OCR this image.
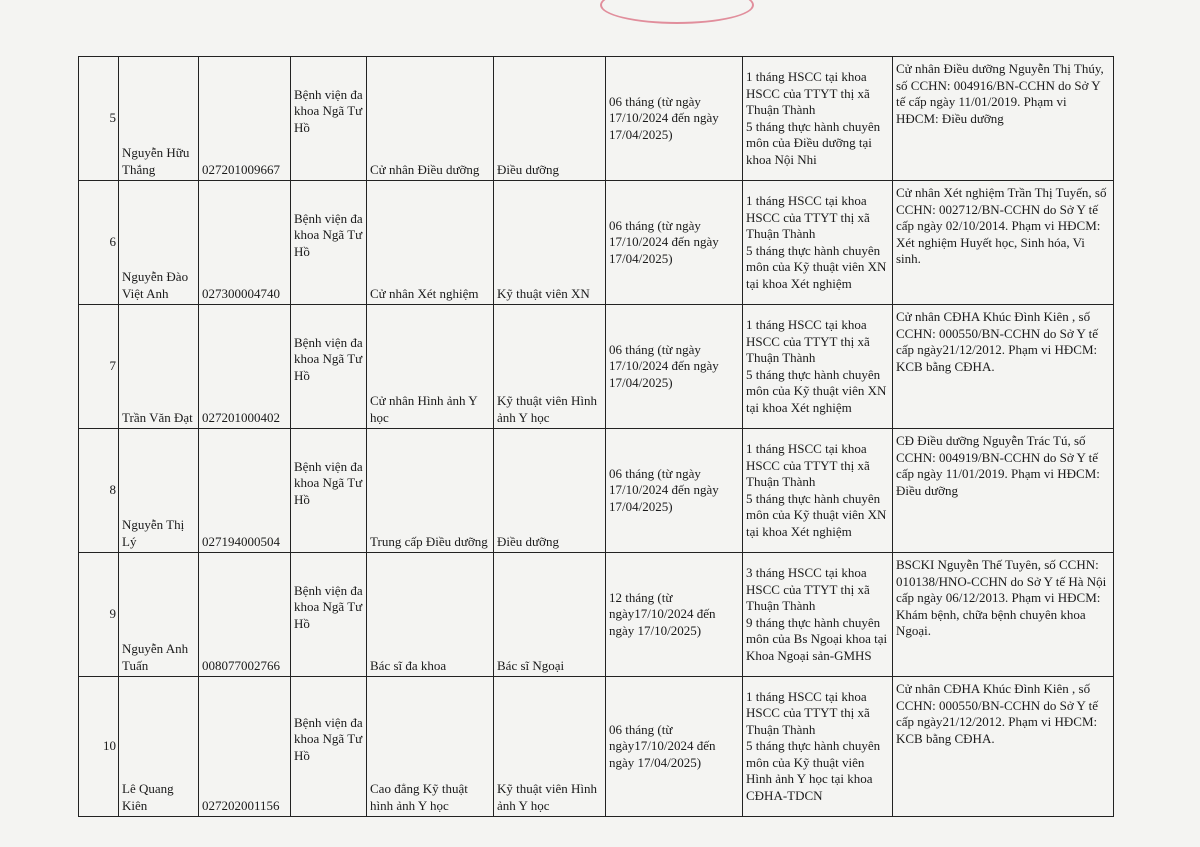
5	Nguyễn Hữu Thắng	027201009667	Bệnh viện đa khoa Ngã Tư Hồ	Cử nhân Điều dưỡng	Điều dưỡng	06 tháng (từ ngày 17/10/2024 đến ngày 17/04/2025)	1 tháng HSCC tại khoa HSCC của TTYT thị xã Thuận Thành
5 tháng thực hành chuyên môn của Điều dưỡng tại khoa Nội Nhi	Cử nhân Điều dưỡng Nguyễn Thị Thúy, số CCHN: 004916/BN-CCHN do Sở Y tế cấp ngày 11/01/2019. Phạm vi HĐCM: Điều dưỡng
6	Nguyễn Đào Việt Anh	027300004740	Bệnh viện đa khoa Ngã Tư Hồ	Cử nhân Xét nghiệm	Kỹ thuật viên XN	06 tháng (từ ngày 17/10/2024 đến ngày 17/04/2025)	1 tháng HSCC tại khoa HSCC của TTYT thị xã Thuận Thành
5 tháng thực hành chuyên môn của Kỹ thuật viên XN tại khoa Xét nghiệm	Cử nhân Xét nghiệm Trần Thị Tuyến, số CCHN: 002712/BN-CCHN do Sở Y tế cấp ngày 02/10/2014. Phạm vi HĐCM: Xét nghiệm Huyết học, Sinh hóa, Vi sinh.
7	Trần Văn Đạt	027201000402	Bệnh viện đa khoa Ngã Tư Hồ	Cử nhân Hình ảnh Y học	Kỹ thuật viên Hình ảnh Y học	06 tháng (từ ngày 17/10/2024 đến ngày 17/04/2025)	1 tháng HSCC tại khoa HSCC của TTYT thị xã Thuận Thành
5 tháng thực hành chuyên môn của Kỹ thuật viên XN tại khoa Xét nghiệm	Cử nhân CĐHA Khúc Đình Kiên , số CCHN: 000550/BN-CCHN do Sở Y tế cấp ngày21/12/2012. Phạm vi HĐCM: KCB bằng CĐHA.
8	Nguyễn Thị Lý	027194000504	Bệnh viện đa khoa Ngã Tư Hồ	Trung cấp Điều dưỡng	Điều dưỡng	06 tháng (từ ngày 17/10/2024 đến ngày 17/04/2025)	1 tháng HSCC tại khoa HSCC của TTYT thị xã Thuận Thành
5 tháng thực hành chuyên môn của Kỹ thuật viên XN tại khoa Xét nghiệm	CĐ Điều dưỡng Nguyễn Trác Tú, số CCHN: 004919/BN-CCHN do Sở Y tế cấp ngày 11/01/2019. Phạm vi HĐCM: Điều dưỡng
9	Nguyễn Anh Tuấn	008077002766	Bệnh viện đa khoa Ngã Tư Hồ	Bác sĩ đa khoa	Bác sĩ Ngoại	12 tháng (từ ngày17/10/2024 đến ngày 17/10/2025)	3 tháng HSCC tại khoa HSCC của TTYT thị xã Thuận Thành
9 tháng thực hành chuyên môn của Bs Ngoại khoa tại Khoa Ngoại sản-GMHS	BSCKI Nguyễn Thế Tuyên, số CCHN: 010138/HNO-CCHN do Sở Y tế Hà Nội cấp ngày 06/12/2013. Phạm vi HĐCM: Khám bệnh, chữa bệnh chuyên khoa Ngoại.
10	Lê Quang Kiên	027202001156	Bệnh viện đa khoa Ngã Tư Hồ	Cao đẳng Kỹ thuật hình ảnh Y học	Kỹ thuật viên Hình ảnh Y học	06 tháng (từ ngày17/10/2024 đến ngày 17/04/2025)	1 tháng HSCC tại khoa HSCC của TTYT thị xã Thuận Thành
5 tháng thực hành chuyên môn của Kỹ thuật viên Hình ảnh Y học tại khoa CĐHA-TDCN	Cử nhân CĐHA Khúc Đình Kiên , số CCHN: 000550/BN-CCHN do Sở Y tế cấp ngày21/12/2012. Phạm vi HĐCM: KCB bằng CĐHA.
